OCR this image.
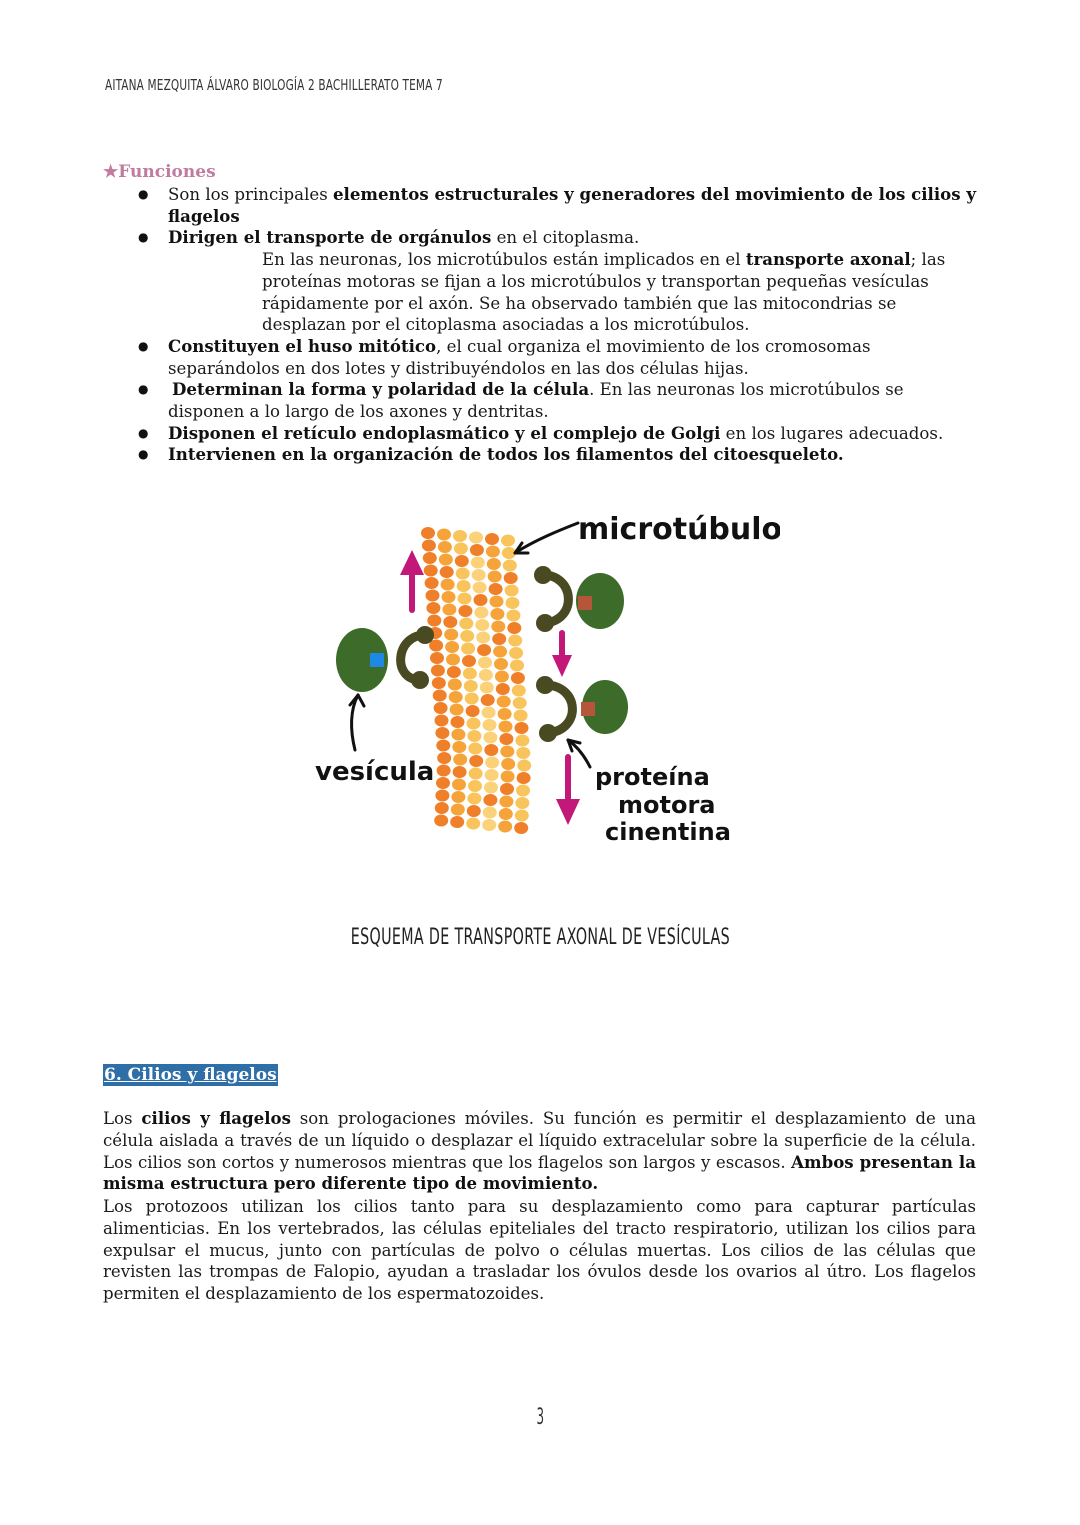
AITANA MEZQUITA ÁLVARO BIOLOGÍA 2 BACHILLERATO TEMA 7
★Funciones
● Son los principales elementos estructurales y generadores del movimiento de los cilios y flagelos
● Dirigen el transporte de orgánulos en el citoplasma.
En las neuronas, los microtúbulos están implicados en el transporte axonal; las proteínas motoras se fijan a los microtúbulos y transportan pequeñas vesículas rápidamente por el axón. Se ha observado también que las mitocondrias se desplazan por el citoplasma asociadas a los microtúbulos.
● Constituyen el huso mitótico, el cual organiza el movimiento de los cromosomas separándolos en dos lotes y distribuyéndolos en las dos células hijas.
● Determinan la forma y polaridad de la célula. En las neuronas los microtúbulos se disponen a lo largo de los axones y dentritas.
● Disponen el retículo endoplasmático y el complejo de Golgi en los lugares adecuados.
● Intervienen en la organización de todos los filamentos del citoesqueleto.
microtúbulo
vesícula	proteína
motora
cinentina
ESQUEMA DE TRANSPORTE AXONAL DE VESÍCULAS
6. Cilios y flagelos

Los cilios y flagelos son prologaciones móviles. Su función es permitir el desplazamiento de una célula aislada a través de un líquido o desplazar el líquido extracelular sobre la superficie de la célula. Los cilios son cortos y numerosos mientras que los flagelos son largos y escasos. Ambos presentan la misma estructura pero diferente tipo de movimiento.

Los protozoos utilizan los cilios tanto para su desplazamiento como para capturar partículas alimenticias. En los vertebrados, las células epiteliales del tracto respiratorio, utilizan los cilios para expulsar el mucus, junto con partículas de polvo o células muertas. Los cilios de las células que revisten las trompas de Falopio, ayudan a trasladar los óvulos desde los ovarios al útro. Los flagelos permiten el desplazamiento de los espermatozoides.

3
